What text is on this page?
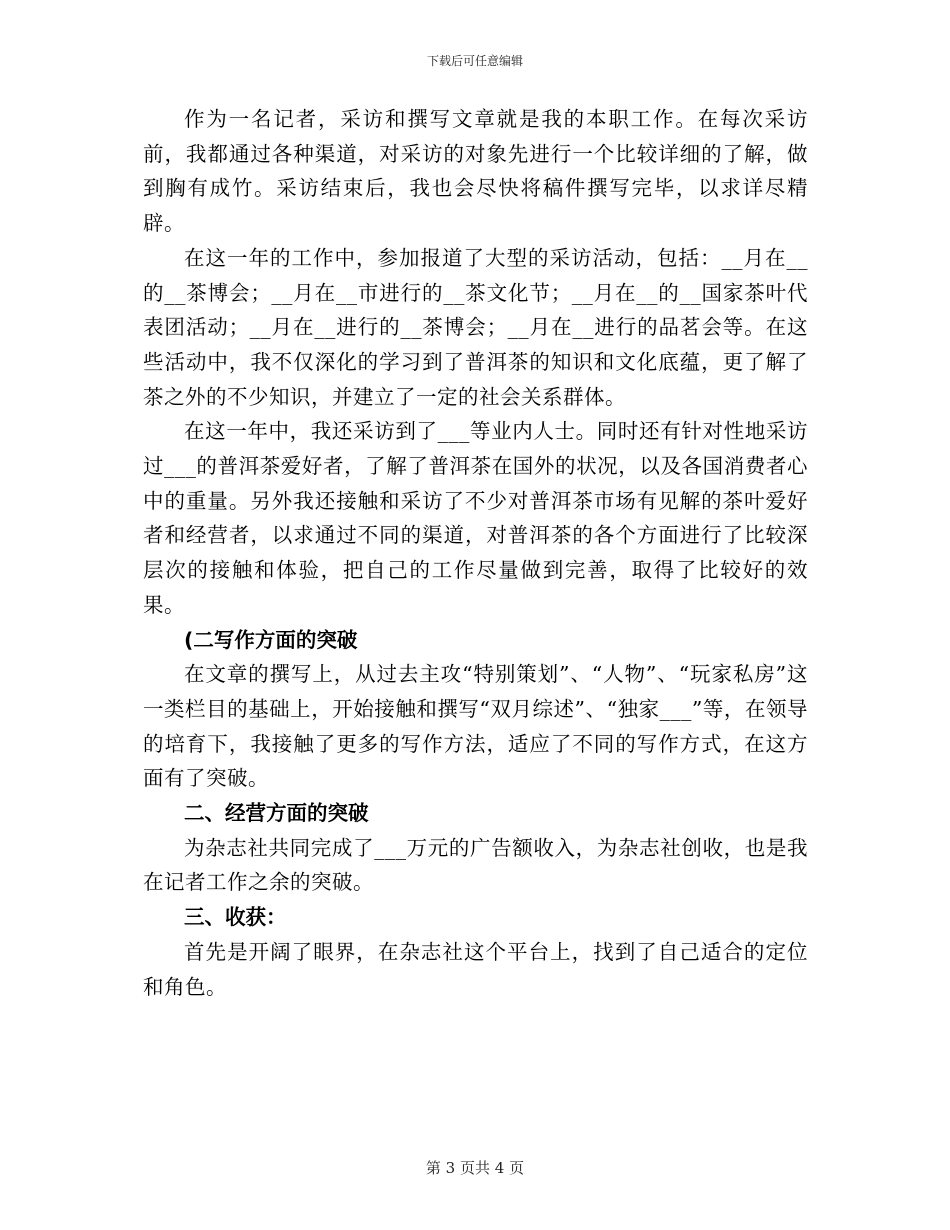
下载后可任意编辑

作为一名记者，采访和撰写文章就是我的本职工作。在每次采访前，我都通过各种渠道，对采访的对象先进行一个比较详细的了解，做到胸有成竹。采访结束后，我也会尽快将稿件撰写完毕，以求详尽精辟。

在这一年的工作中，参加报道了大型的采访活动，包括：__月在__的__茶博会；__月在__市进行的__茶文化节；__月在__的__国家茶叶代表团活动；__月在__进行的__茶博会；__月在__进行的品茗会等。在这些活动中，我不仅深化的学习到了普洱茶的知识和文化底蕴，更了解了茶之外的不少知识，并建立了一定的社会关系群体。

在这一年中，我还采访到了___等业内人士。同时还有针对性地采访过___的普洱茶爱好者，了解了普洱茶在国外的状况，以及各国消费者心中的重量。另外我还接触和采访了不少对普洱茶市场有见解的茶叶爱好者和经营者，以求通过不同的渠道，对普洱茶的各个方面进行了比较深层次的接触和体验，把自己的工作尽量做到完善，取得了比较好的效果。

(二写作方面的突破

在文章的撰写上，从过去主攻“特别策划”、“人物”、“玩家私房”这一类栏目的基础上，开始接触和撰写“双月综述”、“独家___”等，在领导的培育下，我接触了更多的写作方法，适应了不同的写作方式，在这方面有了突破。

二、经营方面的突破

为杂志社共同完成了___万元的广告额收入，为杂志社创收，也是我在记者工作之余的突破。

三、收获：

首先是开阔了眼界，在杂志社这个平台上，找到了自己适合的定位和角色。

第 3 页共 4 页
